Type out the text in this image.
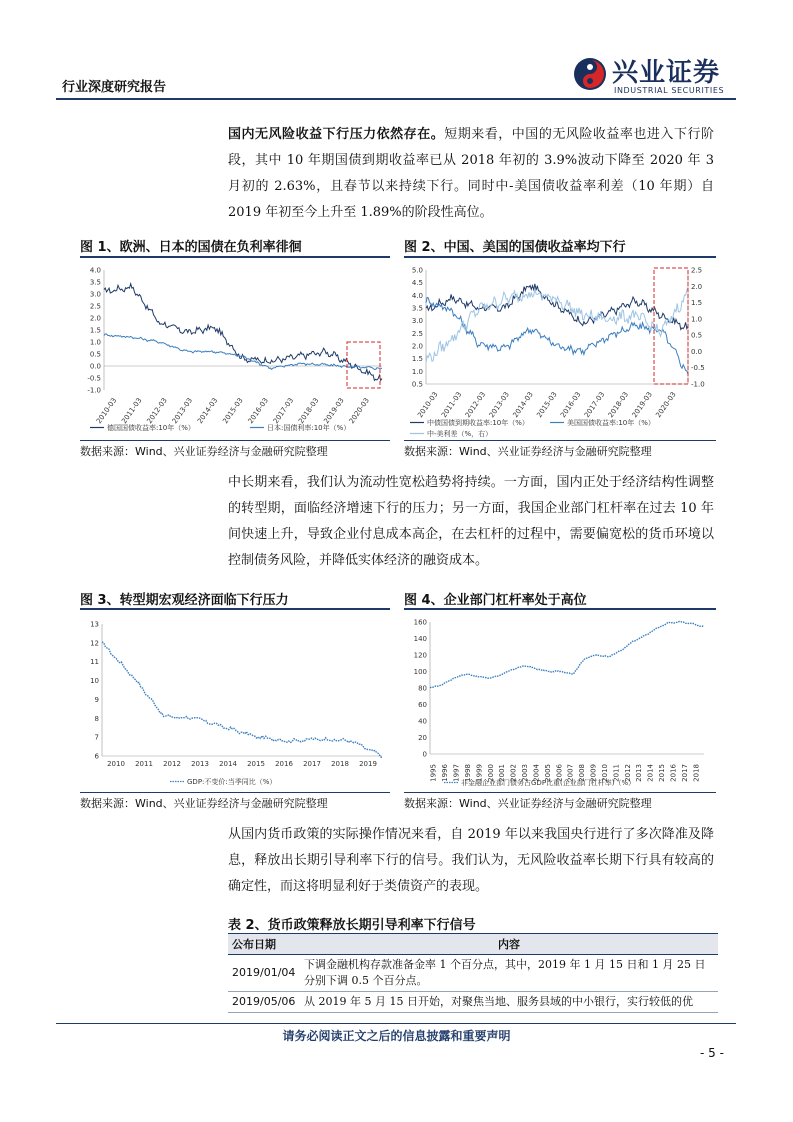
行业深度研究报告	兴业证券
INDUSTRIAL SECURITIES
国内无风险收益下行压力依然存在。短期来看，中国的无风险收益率也进入下行阶段，其中 10 年期国债到期收益率已从 2018 年初的 3.9%波动下降至 2020 年 3 月初的 2.63%，且春节以来持续下行。同时中-美国债收益率利差（10 年期）自 2019 年初至今上升至 1.89%的阶段性高位。
图 1、欧洲、日本的国债在负利率徘徊	图 2、中国、美国的国债收益率均下行
4.0
3.5
3.0
2.5
2.0
1.5
1.0
0.5
0.0
-0.5
-1.0
2010-03 2011-03 2012-03 2013-03 2014-03 2015-03 2016-03 2017-03 2018-03 2019-03 2020-03
德国国债收益率:10年（%）	日本:国债利率:10年（%）
5.0
4.5
4.0
3.5
3.0
2.5
2.0
1.5
1.0
0.5
2010-03 2011-03 2012-03 2013-03 2014-03 2015-03 2016-03 2017-03 2018-03 2019-03 2020-03
2.5
2.0
1.5
1.0
0.5
0.0
-0.5
-1.0
中债国债到期收益率:10年（%）	美国国债收益率:10年（%）
中-美利差（%，右）
数据来源：Wind、兴业证券经济与金融研究院整理	数据来源：Wind、兴业证券经济与金融研究院整理
中长期来看，我们认为流动性宽松趋势将持续。一方面，国内正处于经济结构性调整的转型期，面临经济增速下行的压力；另一方面，我国企业部门杠杆率在过去 10 年间快速上升，导致企业付息成本高企，在去杠杆的过程中，需要偏宽松的货币环境以控制债务风险，并降低实体经济的融资成本。
图 3、转型期宏观经济面临下行压力	图 4、企业部门杠杆率处于高位
13
12
11
10
9
8
7
6
2010 2011 2012 2013 2014 2015 2016 2017 2018 2019
GDP:不变价:当季同比（%）
160
140
120
100
80
60
40
20
0
1995 1996 1997 1998 1999 2000 2001 2002 2003 2004 2005 2006 2007 2008 2009 2010 2011 2012 2013 2014 2015 2016 2017 2018
非金融企业部门债务占GDP比重(企业部门杠杆率)（%）
数据来源：Wind、兴业证券经济与金融研究院整理	数据来源：Wind、兴业证券经济与金融研究院整理
从国内货币政策的实际操作情况来看，自 2019 年以来我国央行进行了多次降准及降息，释放出长期引导利率下行的信号。我们认为，无风险收益率长期下行具有较高的确定性，而这将明显利好于类债资产的表现。
表 2、货币政策释放长期引导利率下行信号
公布日期	内容
2019/01/04	下调金融机构存款准备金率 1 个百分点，其中，2019 年 1 月 15 日和 1 月 25 日分别下调 0.5 个百分点。
2019/05/06	从 2019 年 5 月 15 日开始，对聚焦当地、服务县域的中小银行，实行较低的优
请务必阅读正文之后的信息披露和重要声明
- 5 -
